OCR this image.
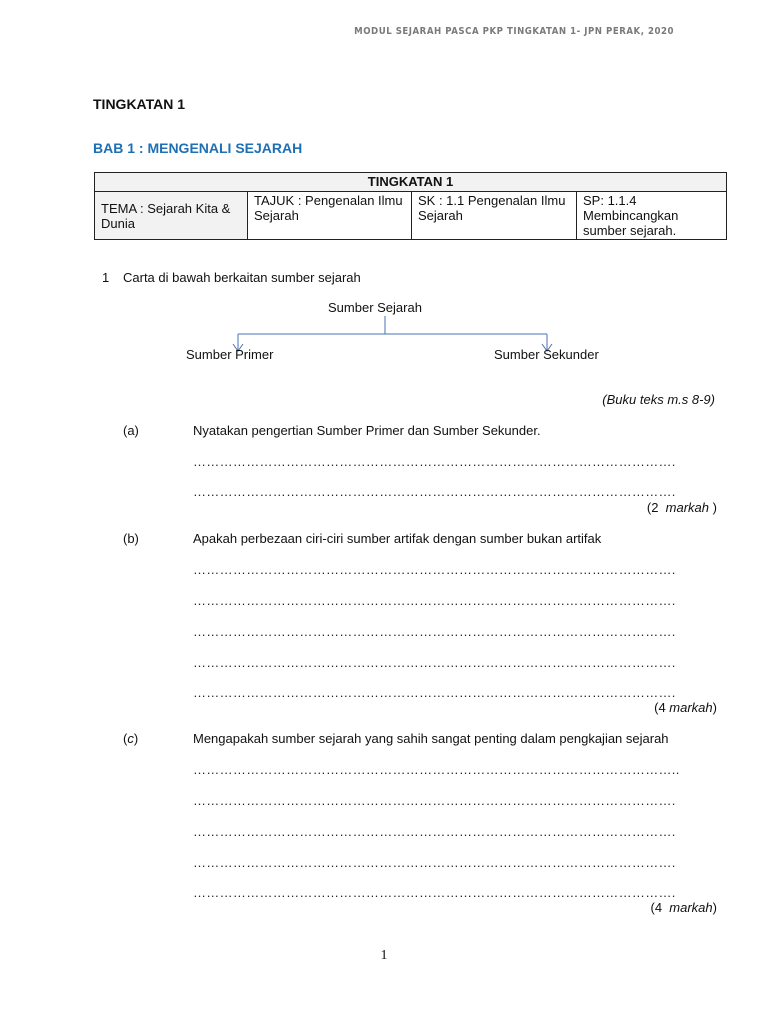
MODUL SEJARAH PASCA PKP TINGKATAN 1- JPN PERAK, 2020
TINGKATAN 1
BAB 1 : MENGENALI SEJARAH
TINGKATAN 1
TEMA : Sejarah Kita & Dunia	TAJUK : Pengenalan Ilmu Sejarah	SK : 1.1 Pengenalan Ilmu Sejarah	SP: 1.1.4 Membincangkan sumber sejarah.
1 Carta di bawah berkaitan sumber sejarah
Sumber Sejarah
Sumber Primer	Sumber Sekunder
(Buku teks m.s 8-9)
(a)	Nyatakan pengertian Sumber Primer dan Sumber Sekunder.
……………………………………………………………………………………………….
……………………………………………………………………………………………….
(2 markah )
(b)	Apakah perbezaan ciri-ciri sumber artifak dengan sumber bukan artifak
……………………………………………………………………………………………….
……………………………………………………………………………………………….
……………………………………………………………………………………………….
……………………………………………………………………………………………….
……………………………………………………………………………………………….
(4 markah)
(c)	Mengapakah sumber sejarah yang sahih sangat penting dalam pengkajian sejarah
………………………………………………………………………………………………..
……………………………………………………………………………………………….
……………………………………………………………………………………………….
……………………………………………………………………………………………….
……………………………………………………………………………………………….
(4 markah)
1
